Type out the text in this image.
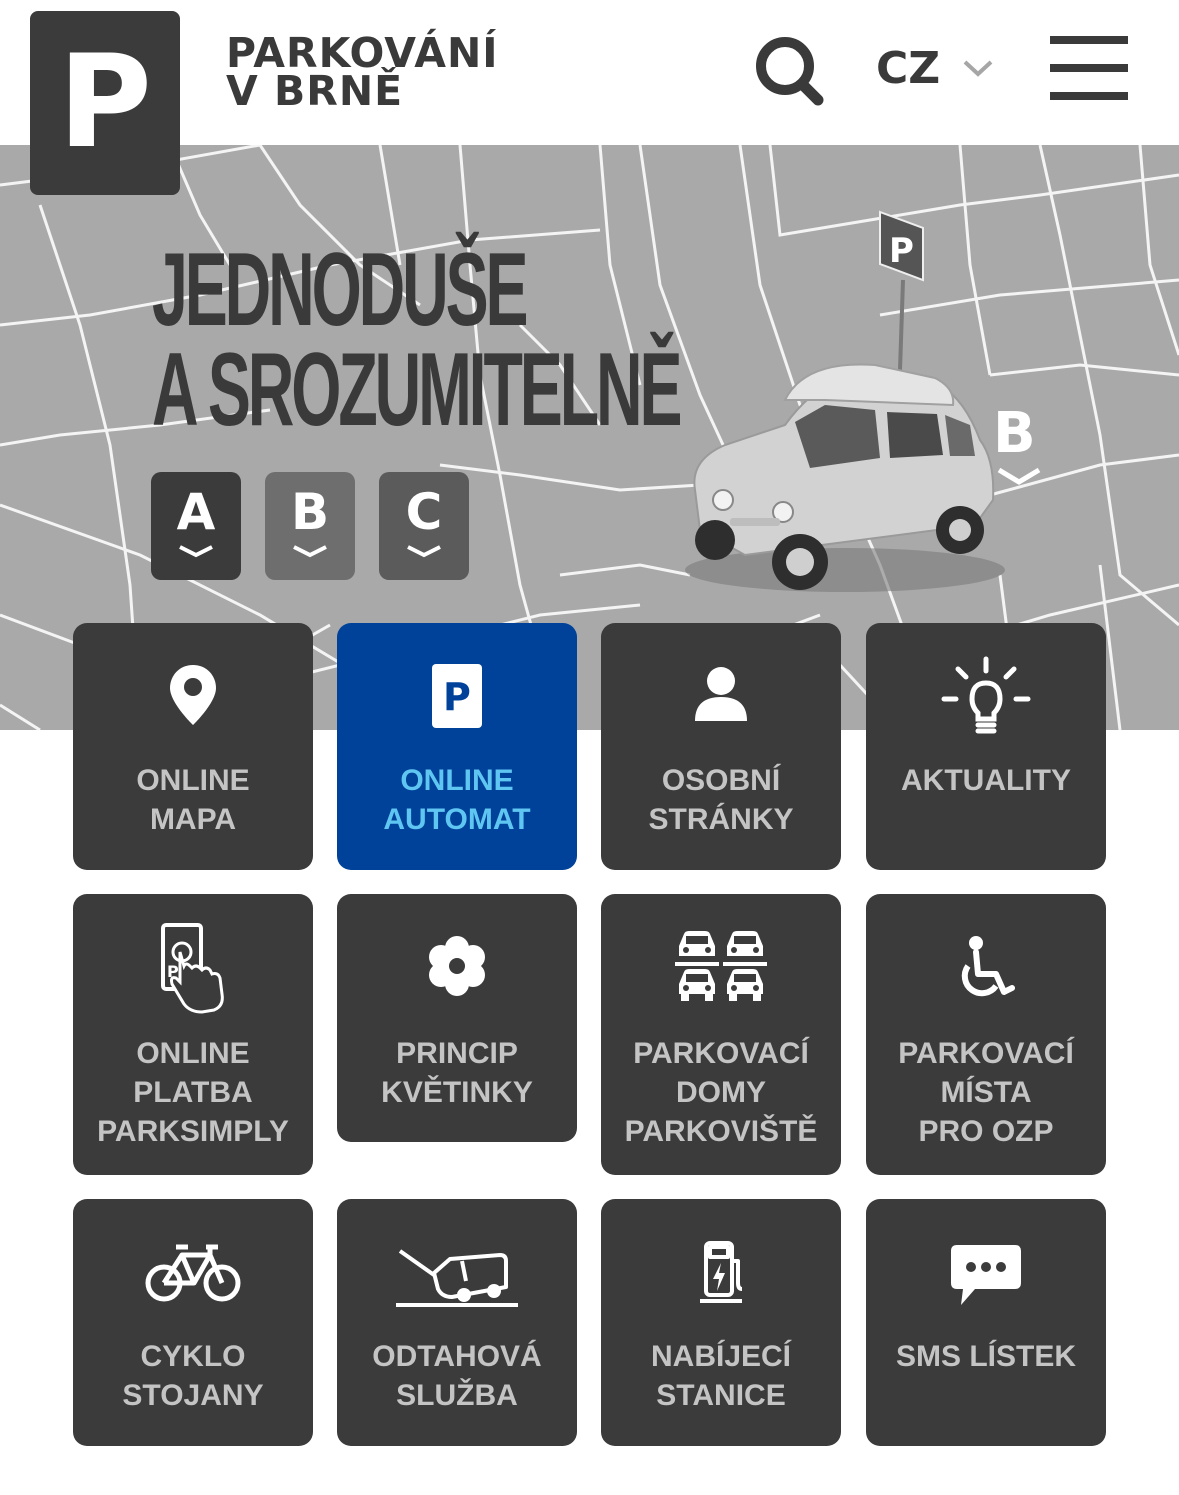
PARKOVÁNÍ
V BRNĚ	CZ
P
JEDNODUŠE
A SROZUMITELNĚ
A	B	C
P
B
ONLINE
MAPA
P
ONLINE
AUTOMAT
OSOBNÍ
STRÁNKY
AKTUALITY
P
ONLINE
PLATBA
PARKSIMPLY
PRINCIP
KVĚTINKY
PARKOVACÍ
DOMY
PARKOVIŠTĚ
PARKOVACÍ
MÍSTA
PRO OZP
CYKLO
STOJANY
ODTAHOVÁ
SLUŽBA
NABÍJECÍ
STANICE
SMS LÍSTEK
